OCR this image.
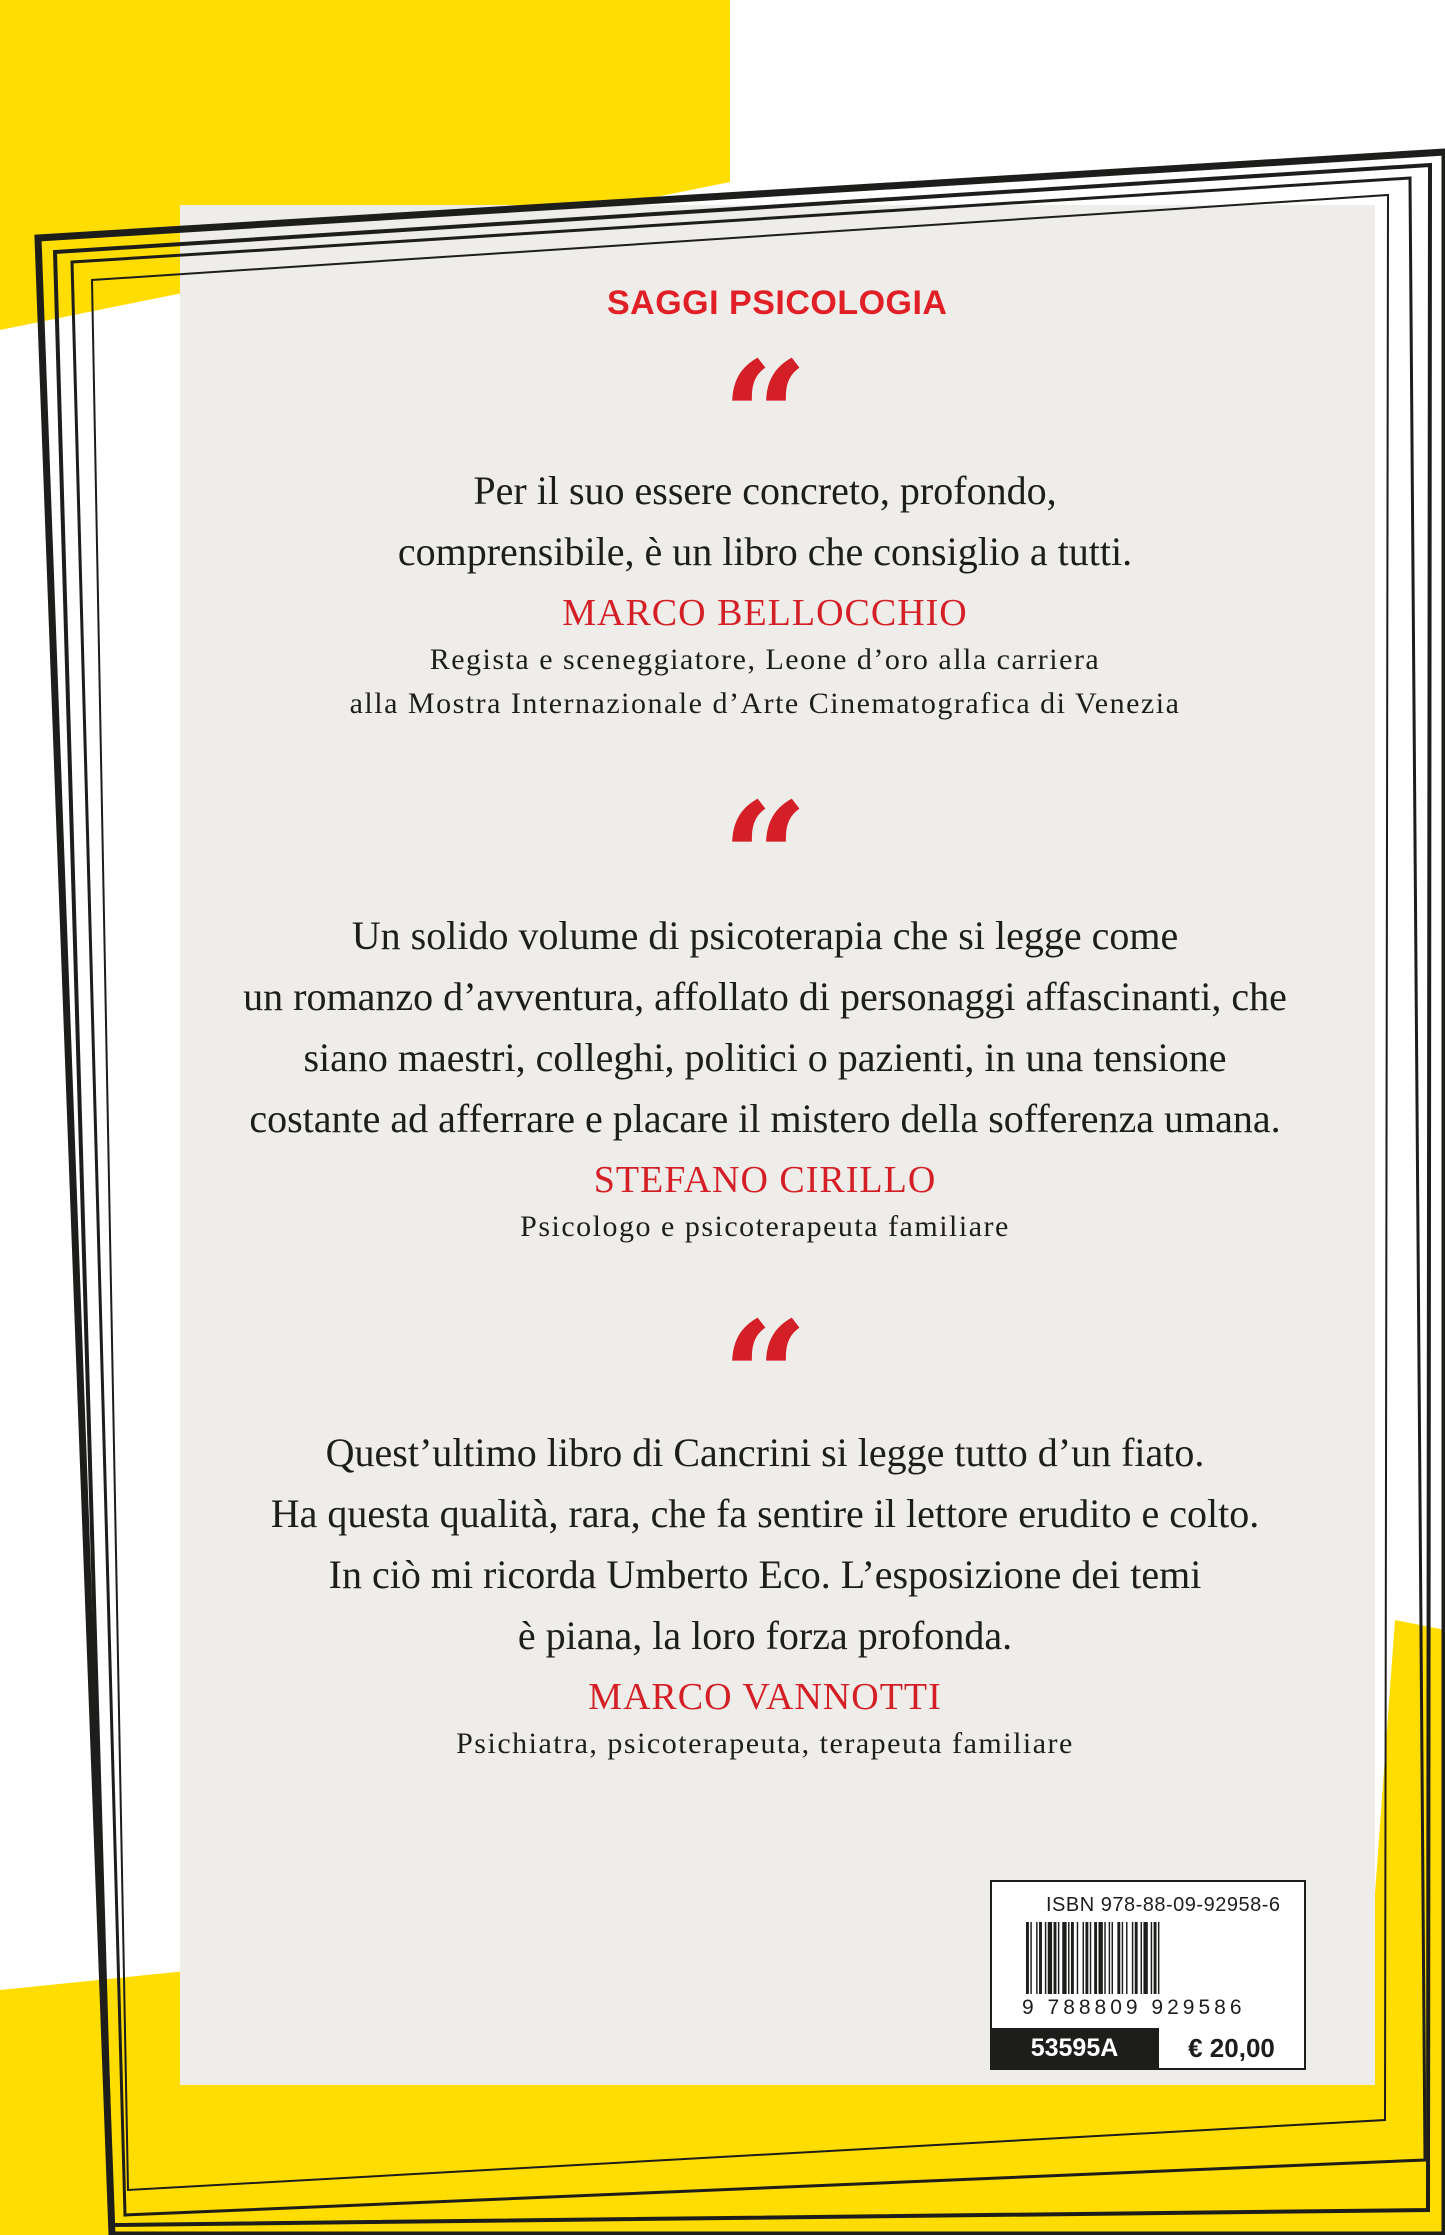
SAGGI PSICOLOGIA
“

Per il suo essere concreto, profondo,

comprensibile, è un libro che consiglio a tutti.

MARCO BELLOCCHIO
Regista e sceneggiatore, Leone d’oro alla carriera
alla Mostra Internazionale d’Arte Cinematografica di Venezia
“

Un solido volume di psicoterapia che si legge come

un romanzo d’avventura, affollato di personaggi affascinanti, che

siano maestri, colleghi, politici o pazienti, in una tensione

costante ad afferrare e placare il mistero della sofferenza umana.

STEFANO CIRILLO
Psicologo e psicoterapeuta familiare
“

Quest’ultimo libro di Cancrini si legge tutto d’un fiato.

Ha questa qualità, rara, che fa sentire il lettore erudito e colto.

In ciò mi ricorda Umberto Eco. L’esposizione dei temi

è piana, la loro forza profonda.

MARCO VANNOTTI
Psichiatra, psicoterapeuta, terapeuta familiare
ISBN 978-88-09-92958-6
9 788809 929586
53595A	€ 20,00
